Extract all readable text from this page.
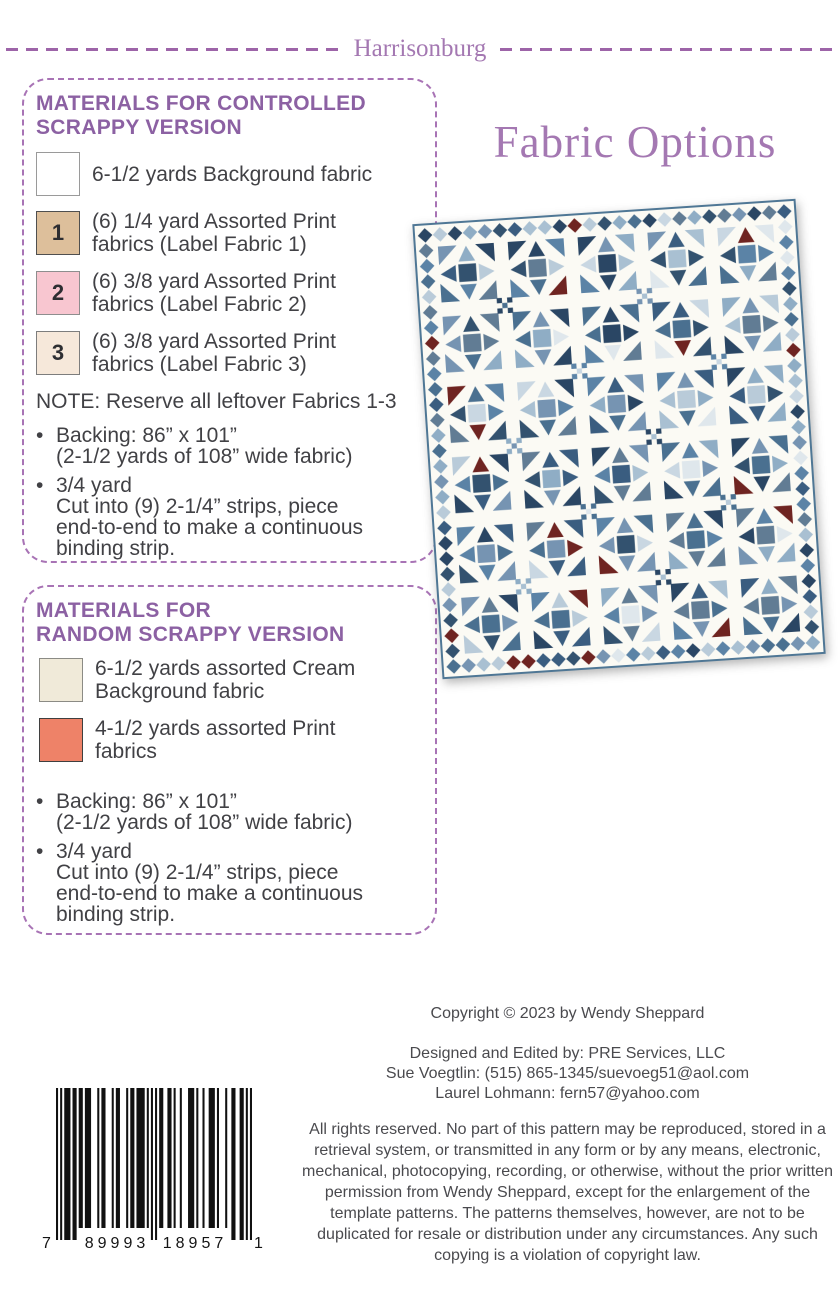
Harrisonburg
MATERIALS FOR CONTROLLED
SCRAPPY VERSION
6-1/2 yards Background fabric
1 (6) 1/4 yard Assorted Print
fabrics (Label Fabric 1)
2 (6) 3/8 yard Assorted Print
fabrics (Label Fabric 2)
3 (6) 3/8 yard Assorted Print
fabrics (Label Fabric 3)
NOTE: Reserve all leftover Fabrics 1-3
• Backing: 86” x 101”
(2-1/2 yards of 108” wide fabric)
• 3/4 yard
Cut into (9) 2-1/4” strips, piece
end-to-end to make a continuous
binding strip.
MATERIALS FOR
RANDOM SCRAPPY VERSION
6-1/2 yards assorted Cream
Background fabric
4-1/2 yards assorted Print
fabrics
• Backing: 86” x 101”
(2-1/2 yards of 108” wide fabric)
• 3/4 yard
Cut into (9) 2-1/4” strips, piece
end-to-end to make a continuous
binding strip.
Fabric Options
Copyright © 2023 by Wendy Sheppard
Designed and Edited by: PRE Services, LLC
Sue Voegtlin: (515) 865-1345/suevoeg51@aol.com
Laurel Lohmann: fern57@yahoo.com
All rights reserved. No part of this pattern may be reproduced, stored in a retrieval system, or transmitted in any form or by any means, electronic, mechanical, photocopying, recording, or otherwise, without the prior written permission from Wendy Sheppard, except for the enlargement of the template patterns. The patterns themselves, however, are not to be duplicated for resale or distribution under any circumstances. Any such copying is a violation of copyright law.
7	89993 18957	1
